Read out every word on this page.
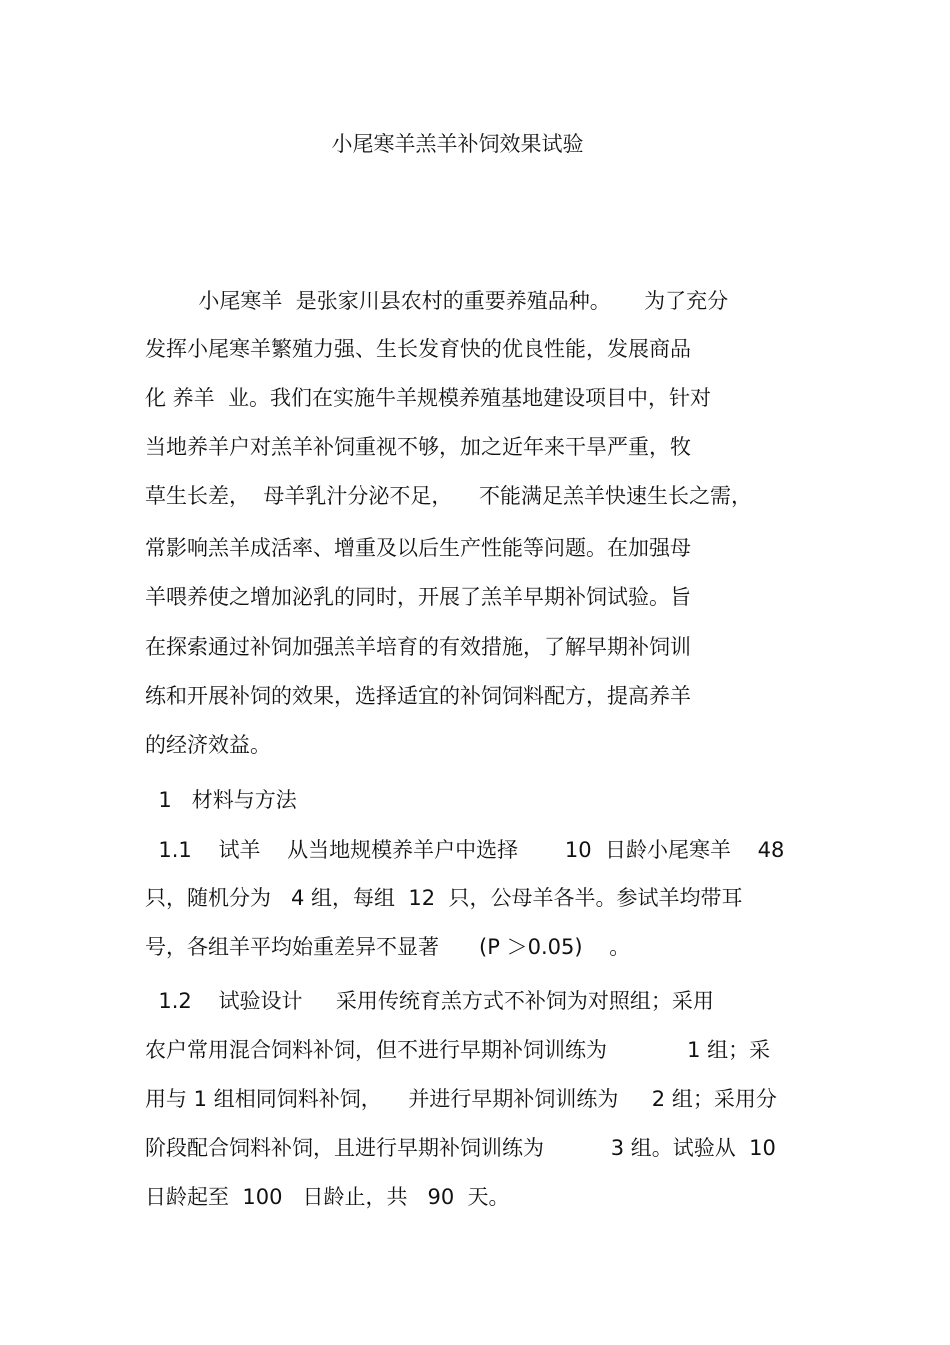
小尾寒羊羔羊补饲效果试验
小尾寒羊  是张家川县农村的重要养殖品种。     为了充分
发挥小尾寒羊繁殖力强、生长发育快的优良性能，发展商品
化 养羊  业。我们在实施牛羊规模养殖基地建设项目中，针对
当地养羊户对羔羊补饲重视不够，加之近年来干旱严重，牧
草生长差，  母羊乳汁分泌不足，    不能满足羔羊快速生长之需，
常影响羔羊成活率、增重及以后生产性能等问题。在加强母
羊喂养使之增加泌乳的同时，开展了羔羊早期补饲试验。旨
在探索通过补饲加强羔羊培育的有效措施，了解早期补饲训
练和开展补饲的效果，选择适宜的补饲饲料配方，提高养羊
的经济效益。
1   材料与方法
1.1    试羊    从当地规模养羊户中选择       10  日龄小尾寒羊    48
只，随机分为   4 组，每组  12  只，公母羊各半。参试羊均带耳
号，各组羊平均始重差异不显著      (P ＞0.05)    。
1.2    试验设计     采用传统育羔方式不补饲为对照组；采用
农户常用混合饲料补饲，但不进行早期补饲训练为            1 组；采
用与 1 组相同饲料补饲，    并进行早期补饲训练为     2 组；采用分
阶段配合饲料补饲，且进行早期补饲训练为          3 组。试验从  10
日龄起至  100   日龄止，共   90  天。
